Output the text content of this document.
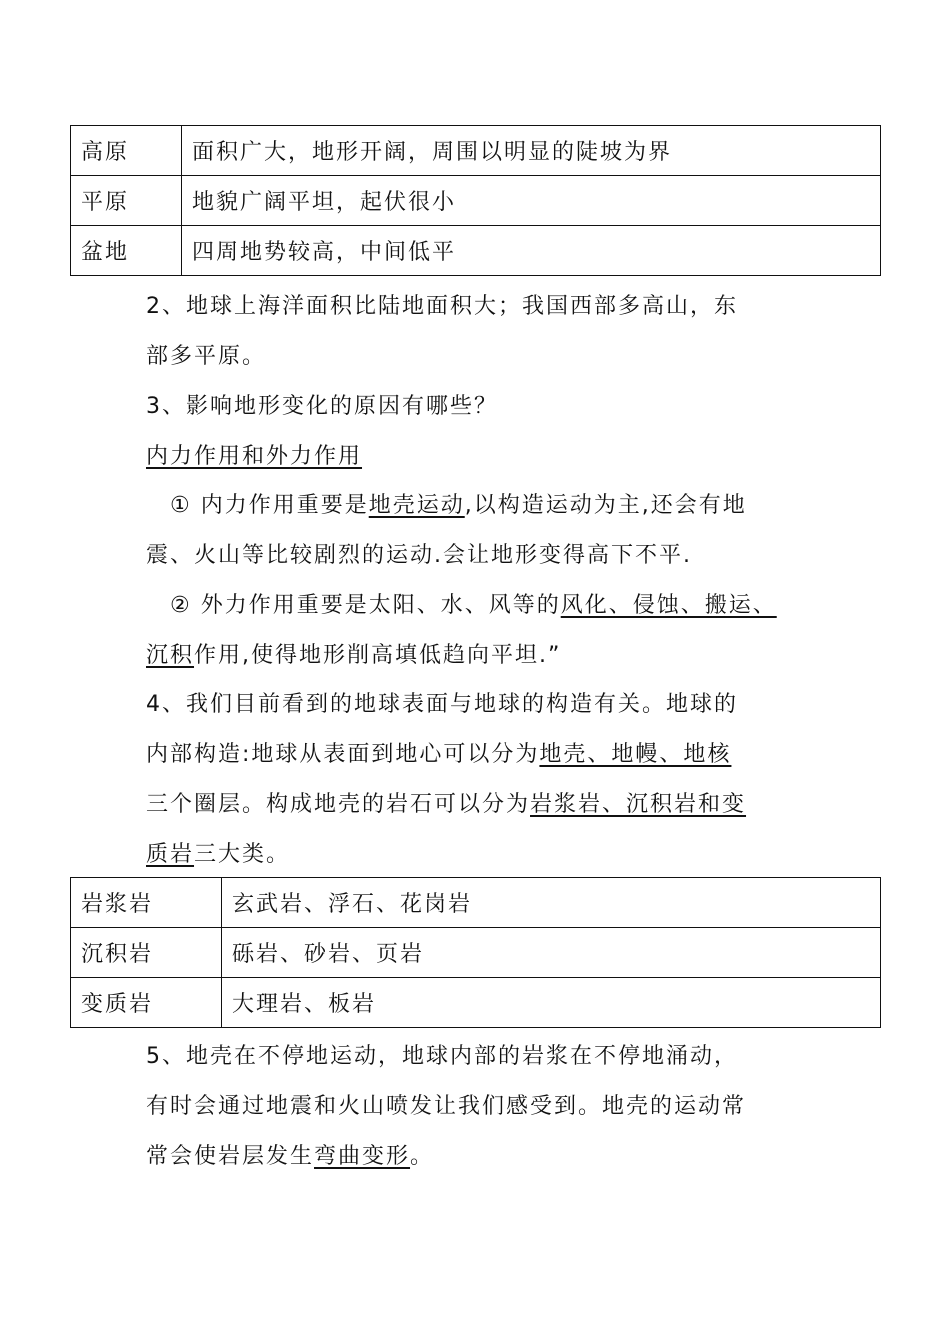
高原	面积广大，地形开阔，周围以明显的陡坡为界
平原	地貌广阔平坦，起伏很小
盆地	四周地势较高，中间低平
2、地球上海洋面积比陆地面积大；我国西部多高山，东
部多平原。
3、影响地形变化的原因有哪些？
内力作用和外力作用
① 内力作用重要是地壳运动,以构造运动为主,还会有地
震、火山等比较剧烈的运动.会让地形变得高下不平.
② 外力作用重要是太阳、水、风等的风化、侵蚀、搬运、
沉积作用,使得地形削高填低趋向平坦.”
4、我们目前看到的地球表面与地球的构造有关。地球的
内部构造:地球从表面到地心可以分为地壳、地幔、地核
三个圈层。构成地壳的岩石可以分为岩浆岩、沉积岩和变
质岩三大类。
岩浆岩	玄武岩、浮石、花岗岩
沉积岩	砾岩、砂岩、页岩
变质岩	大理岩、板岩
5、地壳在不停地运动，地球内部的岩浆在不停地涌动，
有时会通过地震和火山喷发让我们感受到。地壳的运动常
常会使岩层发生弯曲变形。
